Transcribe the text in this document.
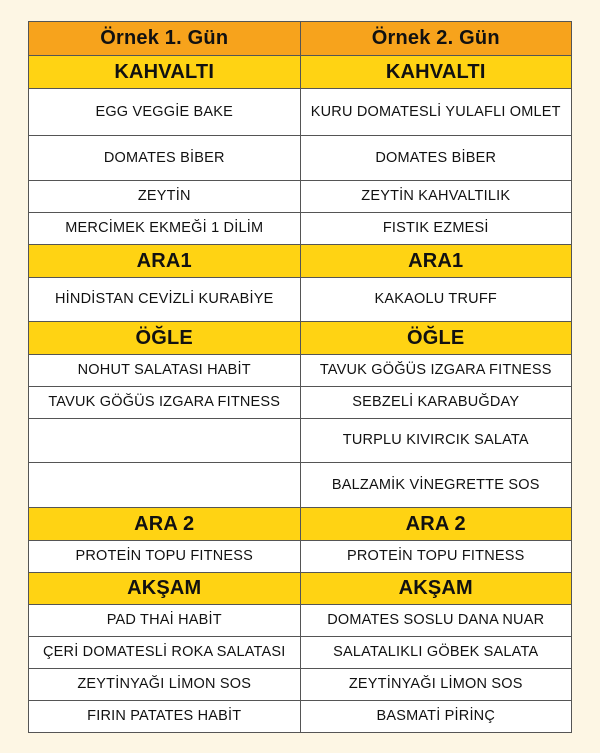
Örnek 1. Gün	Örnek 2. Gün
KAHVALTI	KAHVALTI
EGG VEGGİE BAKE	KURU DOMATESLİ YULAFLI OMLET
DOMATES BİBER	DOMATES BİBER
ZEYTİN	ZEYTİN KAHVALTILIK
MERCİMEK EKMEĞİ 1 DİLİM	FISTIK EZMESİ
ARA1	ARA1
HİNDİSTAN CEVİZLİ KURABİYE	KAKAOLU TRUFF
ÖĞLE	ÖĞLE
NOHUT SALATASI HABİT	TAVUK GÖĞÜS IZGARA FITNESS
TAVUK GÖĞÜS IZGARA FITNESS	SEBZELİ KARABUĞDAY
	TURPLU KIVIRCIK SALATA
	BALZAMİK VİNEGRETTE SOS
ARA 2	ARA 2
PROTEİN TOPU FITNESS	PROTEİN TOPU FITNESS
AKŞAM	AKŞAM
PAD THAİ HABİT	DOMATES SOSLU DANA NUAR
ÇERİ DOMATESLİ ROKA SALATASI	SALATALIKLI GÖBEK SALATA
ZEYTİNYAĞI LİMON SOS	ZEYTİNYAĞI LİMON SOS
FIRIN PATATES HABİT	BASMATİ PİRİNÇ
